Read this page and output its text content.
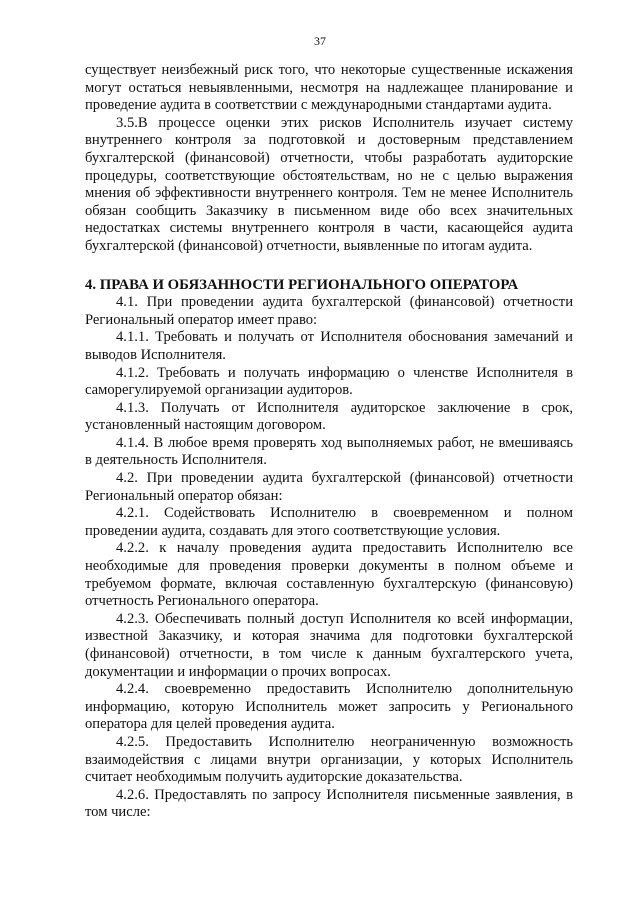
37

существует неизбежный риск того, что некоторые существенные искажения могут остаться невыявленными, несмотря на надлежащее планирование и проведение аудита в соответствии с международными стандартами аудита.

3.5.В процессе оценки этих рисков Исполнитель изучает систему внутреннего контроля за подготовкой и достоверным представлением бухгалтерской (финансовой) отчетности, чтобы разработать аудиторские процедуры, соответствующие обстоятельствам, но не с целью выражения мнения об эффективности внутреннего контроля. Тем не менее Исполнитель обязан сообщить Заказчику в письменном виде обо всех значительных недостатках системы внутреннего контроля в части, касающейся аудита бухгалтерской (финансовой) отчетности, выявленные по итогам аудита.

4. ПРАВА И ОБЯЗАННОСТИ РЕГИОНАЛЬНОГО ОПЕРАТОРА

4.1. При проведении аудита бухгалтерской (финансовой) отчетности Региональный оператор имеет право:

4.1.1. Требовать и получать от Исполнителя обоснования замечаний и выводов Исполнителя.

4.1.2. Требовать и получать информацию о членстве Исполнителя в саморегулируемой организации аудиторов.

4.1.3. Получать от Исполнителя аудиторское заключение в срок, установленный настоящим договором.

4.1.4. В любое время проверять ход выполняемых работ, не вмешиваясь в деятельность Исполнителя.

4.2. При проведении аудита бухгалтерской (финансовой) отчетности Региональный оператор обязан:

4.2.1. Содействовать Исполнителю в своевременном и полном проведении аудита, создавать для этого соответствующие условия.

4.2.2. к началу проведения аудита предоставить Исполнителю все необходимые для проведения проверки документы в полном объеме и требуемом формате, включая составленную бухгалтерскую (финансовую) отчетность Регионального оператора.

4.2.3. Обеспечивать полный доступ Исполнителя ко всей информации, известной Заказчику, и которая значима для подготовки бухгалтерской (финансовой) отчетности, в том числе к данным бухгалтерского учета, документации и информации о прочих вопросах.

4.2.4. своевременно предоставить Исполнителю дополнительную информацию, которую Исполнитель может запросить у Регионального оператора для целей проведения аудита.

4.2.5. Предоставить Исполнителю неограниченную возможность взаимодействия с лицами внутри организации, у которых Исполнитель считает необходимым получить аудиторские доказательства.

4.2.6. Предоставлять по запросу Исполнителя письменные заявления, в том числе:
